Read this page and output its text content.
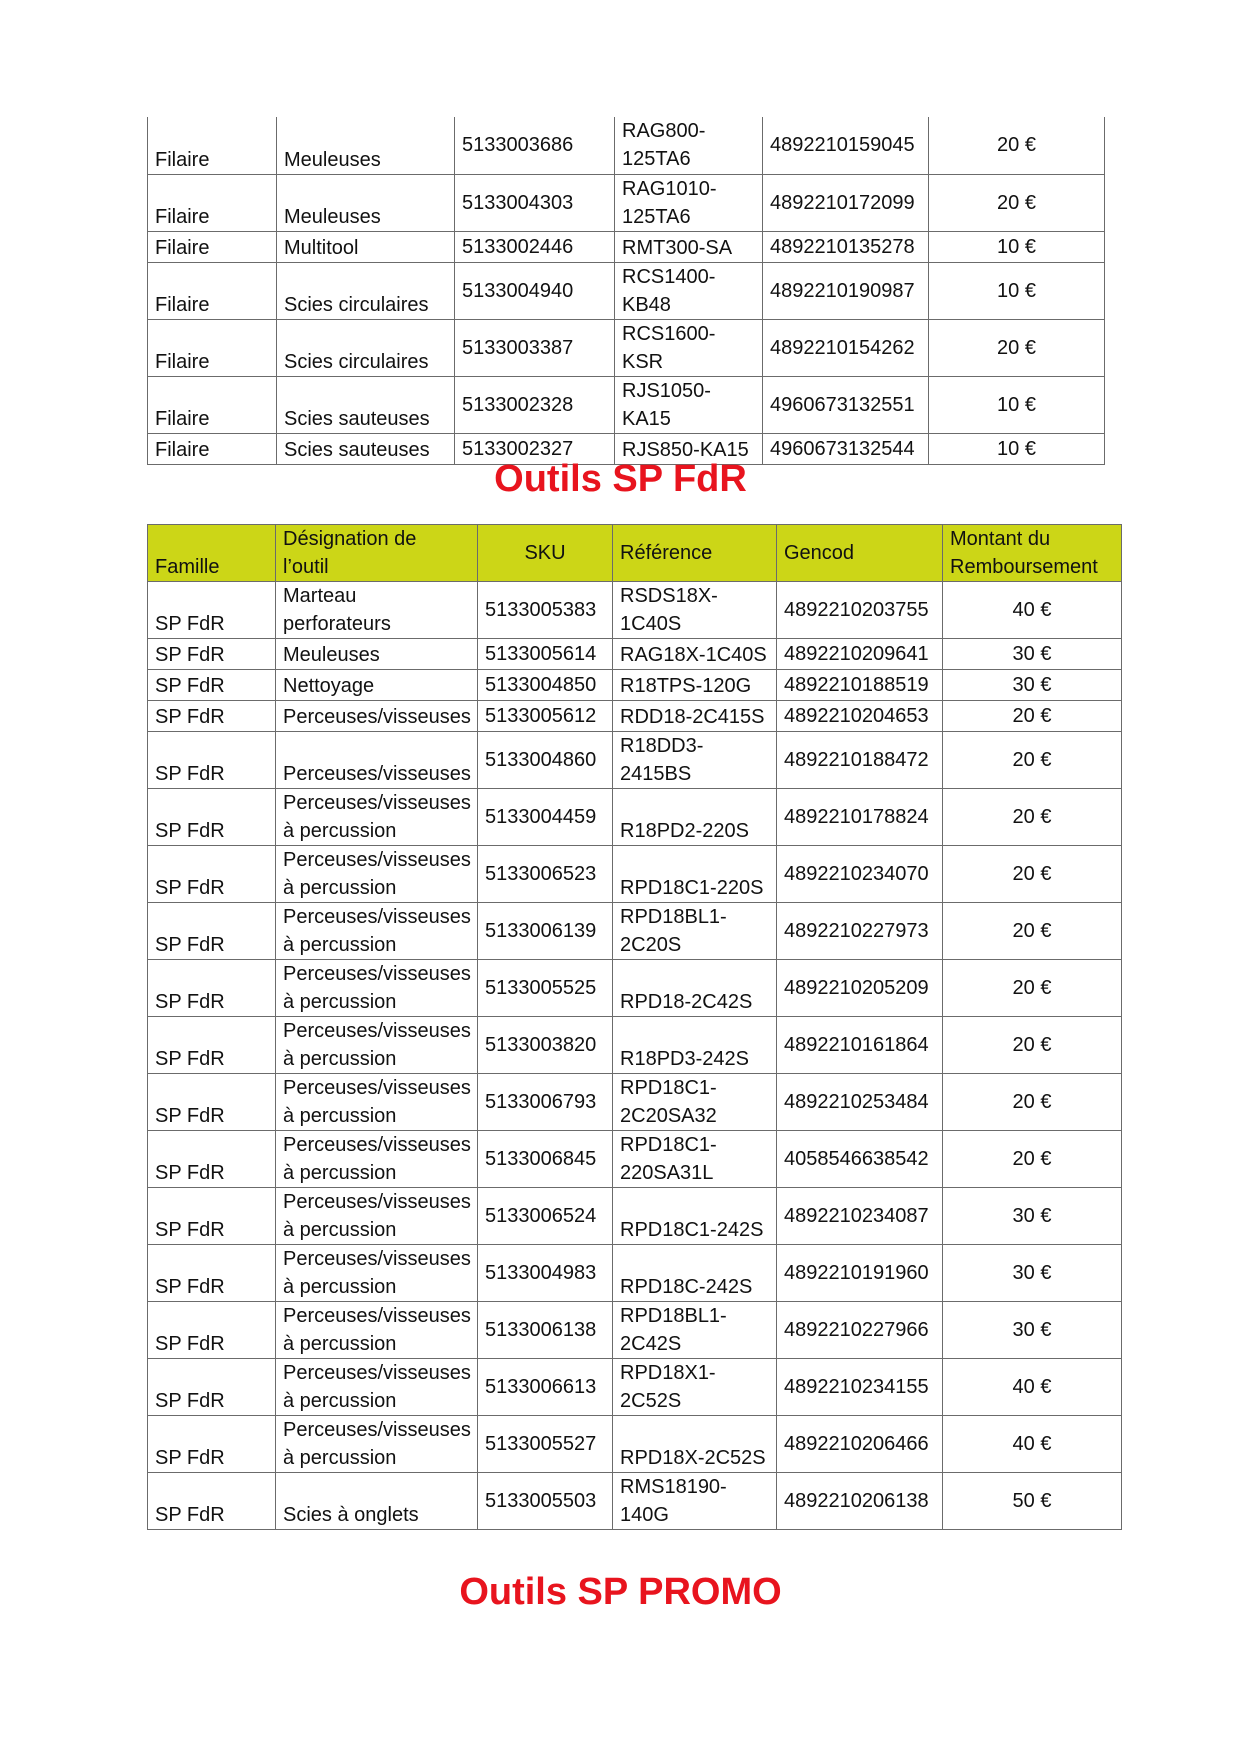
Filaire	Meuleuses	5133003686	RAG800-
125TA6	4892210159045	20 €
Filaire	Meuleuses	5133004303	RAG1010-
125TA6	4892210172099	20 €
Filaire	Multitool	5133002446	RMT300-SA	4892210135278	10 €
Filaire	Scies circulaires	5133004940	RCS1400-
KB48	4892210190987	10 €
Filaire	Scies circulaires	5133003387	RCS1600-KSR	4892210154262	20 €
Filaire	Scies sauteuses	5133002328	RJS1050-KA15	4960673132551	10 €
Filaire	Scies sauteuses	5133002327	RJS850-KA15	4960673132544	10 €
Outils SP FdR
Famille	Désignation de
l’outil	SKU	Référence	Gencod	Montant du
Remboursement
SP FdR	Marteau
perforateurs	5133005383	RSDS18X-1C40S	4892210203755	40 €
SP FdR	Meuleuses	5133005614	RAG18X-1C40S	4892210209641	30 €
SP FdR	Nettoyage	5133004850	R18TPS-120G	4892210188519	30 €
SP FdR	Perceuses/visseuses	5133005612	RDD18-2C415S	4892210204653	20 €
SP FdR	Perceuses/visseuses	5133004860	R18DD3-
2415BS	4892210188472	20 €
SP FdR	Perceuses/visseuses
à percussion	5133004459	R18PD2-220S	4892210178824	20 €
SP FdR	Perceuses/visseuses
à percussion	5133006523	RPD18C1-220S	4892210234070	20 €
SP FdR	Perceuses/visseuses
à percussion	5133006139	RPD18BL1-
2C20S	4892210227973	20 €
SP FdR	Perceuses/visseuses
à percussion	5133005525	RPD18-2C42S	4892210205209	20 €
SP FdR	Perceuses/visseuses
à percussion	5133003820	R18PD3-242S	4892210161864	20 €
SP FdR	Perceuses/visseuses
à percussion	5133006793	RPD18C1-
2C20SA32	4892210253484	20 €
SP FdR	Perceuses/visseuses
à percussion	5133006845	RPD18C1-
220SA31L	4058546638542	20 €
SP FdR	Perceuses/visseuses
à percussion	5133006524	RPD18C1-242S	4892210234087	30 €
SP FdR	Perceuses/visseuses
à percussion	5133004983	RPD18C-242S	4892210191960	30 €
SP FdR	Perceuses/visseuses
à percussion	5133006138	RPD18BL1-
2C42S	4892210227966	30 €
SP FdR	Perceuses/visseuses
à percussion	5133006613	RPD18X1-2C52S	4892210234155	40 €
SP FdR	Perceuses/visseuses
à percussion	5133005527	RPD18X-2C52S	4892210206466	40 €
SP FdR	Scies à onglets	5133005503	RMS18190-
140G	4892210206138	50 €
Outils SP PROMO
